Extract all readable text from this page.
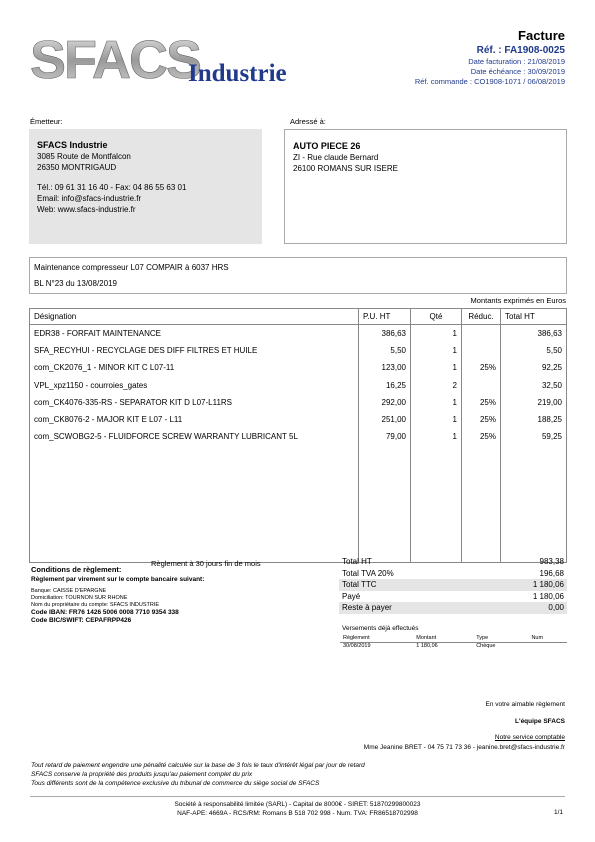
SFACS
Industrie
Facture
Réf. : FA1908-0025
Date facturation : 21/08/2019
Date échéance : 30/09/2019
Réf. commande : CO1908-1071 / 06/08/2019
Émetteur:	Adressé à:
SFACS Industrie
3085 Route de Montfalcon
26350 MONTRIGAUD
Tél.: 09 61 31 16 40 - Fax: 04 86 55 63 01
Email: info@sfacs-industrie.fr
Web: www.sfacs-industrie.fr
AUTO PIECE 26
ZI - Rue claude Bernard
26100 ROMANS SUR ISERE
Maintenance compresseur L07 COMPAIR à 6037 HRS
BL N°23 du 13/08/2019
Montants exprimés en Euros
Désignation	P.U. HT	Qté	Réduc.	Total HT
EDR38 - FORFAIT MAINTENANCE	386,63	1		386,63
SFA_RECYHUI - RECYCLAGE DES DIFF FILTRES ET HUILE	5,50	1		5,50
com_CK2076_1 - MINOR KIT C L07-11	123,00	1	25%	92,25
VPL_xpz1150 - courroies_gates	16,25	2		32,50
com_CK4076-335-RS - SEPARATOR KIT D L07-L11RS	292,00	1	25%	219,00
com_CK8076-2 - MAJOR KIT E L07 - L11	251,00	1	25%	188,25
com_SCWOBG2-5 - FLUIDFORCE SCREW WARRANTY LUBRICANT 5L	79,00	1	25%	59,25

Conditions de règlement:
Règlement à 30 jours fin de mois
Règlement par virement sur le compte bancaire suivant:
Banque: CAISSE D'EPARGNE
Domiciliation: TOURNON SUR RHONE
Nom du propriétaire du compte: SFACS INDUSTRIE
Code IBAN: FR76 1426 5006 0008 7710 9354 338
Code BIC/SWIFT: CEPAFRPP426
Total HT	983,38
Total TVA 20%	196,68
Total TTC	1 180,06
Payé	1 180,06
Reste à payer	0,00
Versements déjà effectués
Règlement	Montant	Type	Num
30/08/2019	1 180,06	Chèque	
En votre aimable règlement
L'équipe SFACS
Notre service comptable
Mme Jeanine BRET - 04 75 71 73 36 - jeanine.bret@sfacs-industrie.fr
Tout retard de paiement engendre une pénalité calculée sur la base de 3 fois le taux d'intérêt légal par jour de retard
SFACS conserve la propriété des produits jusqu'au paiement complet du prix
Tous différents sont de la compétence exclusive du tribunal de commerce du siège social de SFACS
Société à responsabilité limitée (SARL) - Capital de 8000€ - SIRET: 51870299800023
NAF-APE: 4669A - RCS/RM: Romans B 518 702 998 - Num. TVA: FR86518702998	1/1
